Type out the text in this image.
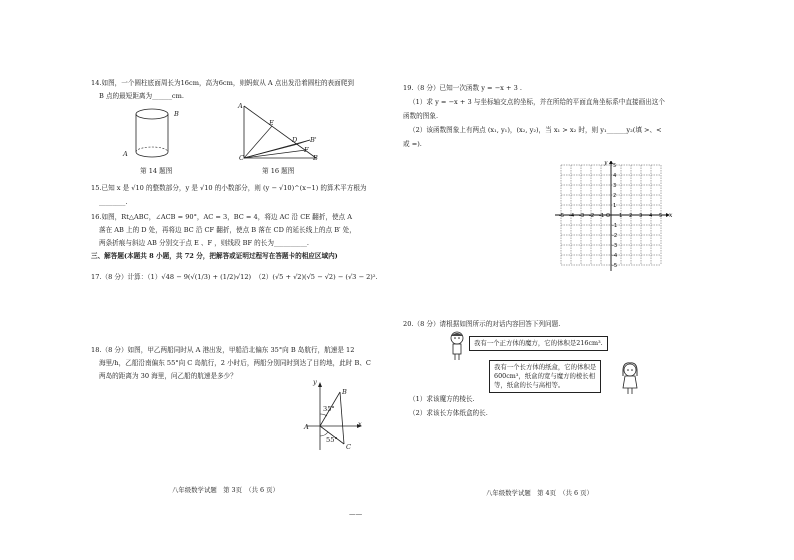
14.如图，一个圆柱底面周长为16cm，高为6cm，则蚂蚁从 A 点出发沿着圆柱的表面爬到
B 点的最短距离为______cm.
B
A
第 14 题图
A
E
D B'
F
C	B
第 16 题图
15.已知 x 是 √10 的整数部分，y 是 √10 的小数部分，则 (y − √10)^(x−1) 的算术平方根为
________.
16.如图，Rt△ABC，∠ACB = 90°，AC = 3，BC = 4，将边 AC 沿 CE 翻折，使点 A
落在 AB 上的 D 处，再将边 BC 沿 CF 翻折，使点 B 落在 CD 的延长线上的点 B′ 处，
两条折痕与斜边 AB 分别交于点 E 、F ，则线段 BF 的长为__________.
三、解答题(本题共 8 小题，共 72 分，把解答或证明过程写在答题卡的相应区域内)
17.（8 分）计算：（1）√48 − 9(√(1/3) + (1/2)√12) （2）(√5 + √2)(√5 − √2) − (√3 − 2)².
18.（8 分）如图，甲乙两船同时从 A 港出发，甲船沿北偏东 35°向 B 岛航行，航速是 12
海里/h，乙船沿南偏东 55°向 C 岛航行，2 小时后，两船分别同时到达了目的地，此时 B、C
两岛的距离为 30 海里，问乙船的航速是多少？
y
B
35°
x
A
55°
C
八年级数学试题　第 3页　（共 6 页）
19.（8 分）已知一次函数 y = −x + 3 .
（1）求 y = −x + 3 与坐标轴交点的坐标，并在所给的平面直角坐标系中直接画出这个
函数的图象.
（2）该函数图象上有两点 (x₁, y₁)，(x₂, y₂)，当 x₁ > x₂ 时，则 y₁______y₂(填 >、<
或 =).
-5 -4 -3 -2 -1 O 1 2 3 4 5
5
4
3
2
1
-1
-2
-3
-4
-5
x
y
20.（8 分）请根据如图所示的对话内容回答下列问题.
我有一个正方体的魔方，它的体积是216cm³.
我有一个长方体的纸盒，它的体积是
600cm³，纸盒的宽与魔方的棱长相
等，纸盒的长与高相等。
（1）求该魔方的棱长.
（2）求该长方体纸盒的长.
八年级数学试题　第 4页　（共 6 页）
——
